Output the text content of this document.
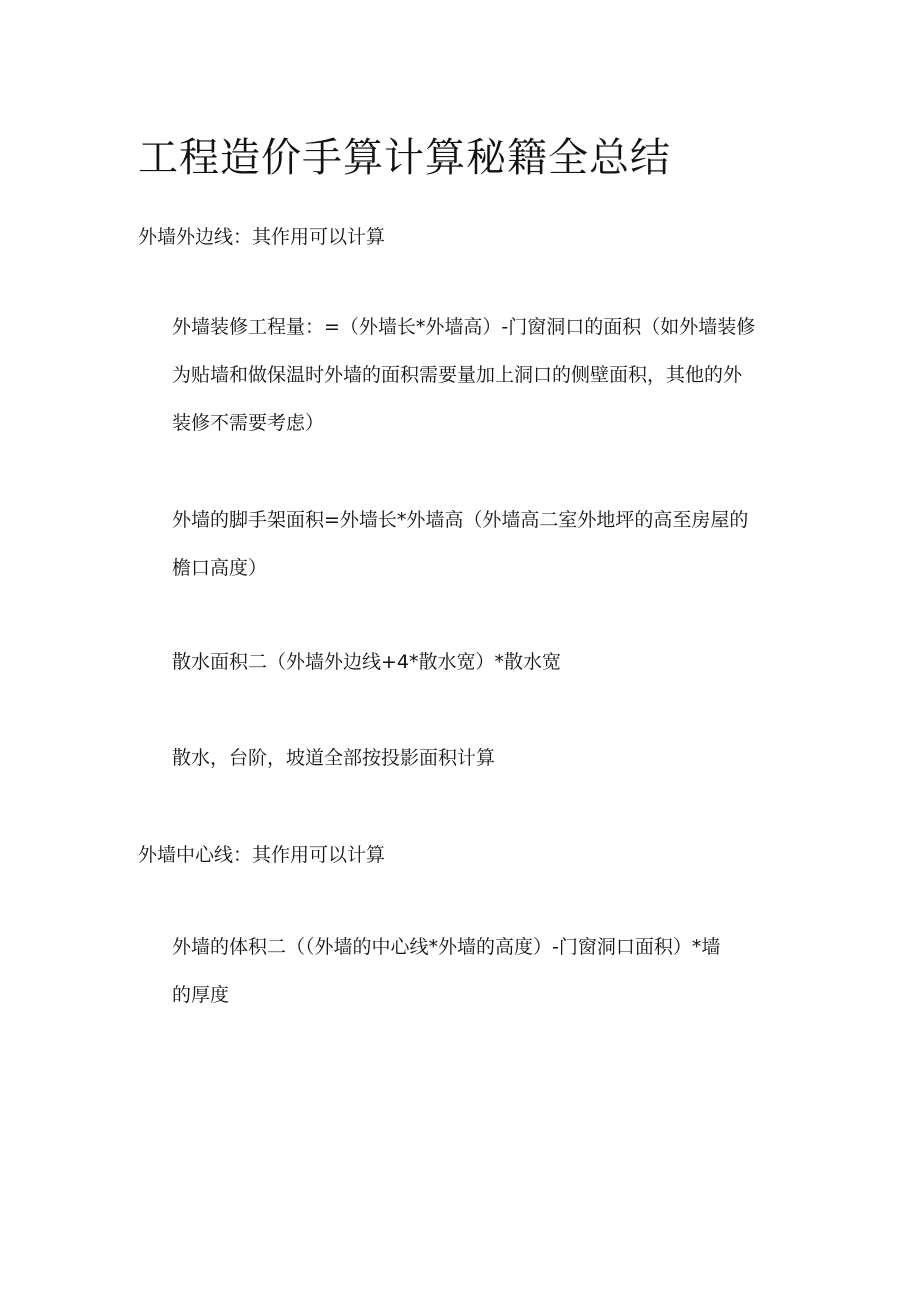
工程造价手算计算秘籍全总结

外墙外边线：其作用可以计算

外墙装修工程量：=（外墙长*外墙高）-门窗洞口的面积（如外墙装修
为贴墙和做保温时外墙的面积需要量加上洞口的侧壁面积，其他的外
装修不需要考虑）
外墙的脚手架面积=外墙长*外墙高（外墙高二室外地坪的高至房屋的
檐口高度）
散水面积二（外墙外边线+4*散水宽）*散水宽
散水，台阶，坡道全部按投影面积计算

外墙中心线：其作用可以计算

外墙的体积二（（外墙的中心线*外墙的高度）-门窗洞口面积）*墙
的厚度
